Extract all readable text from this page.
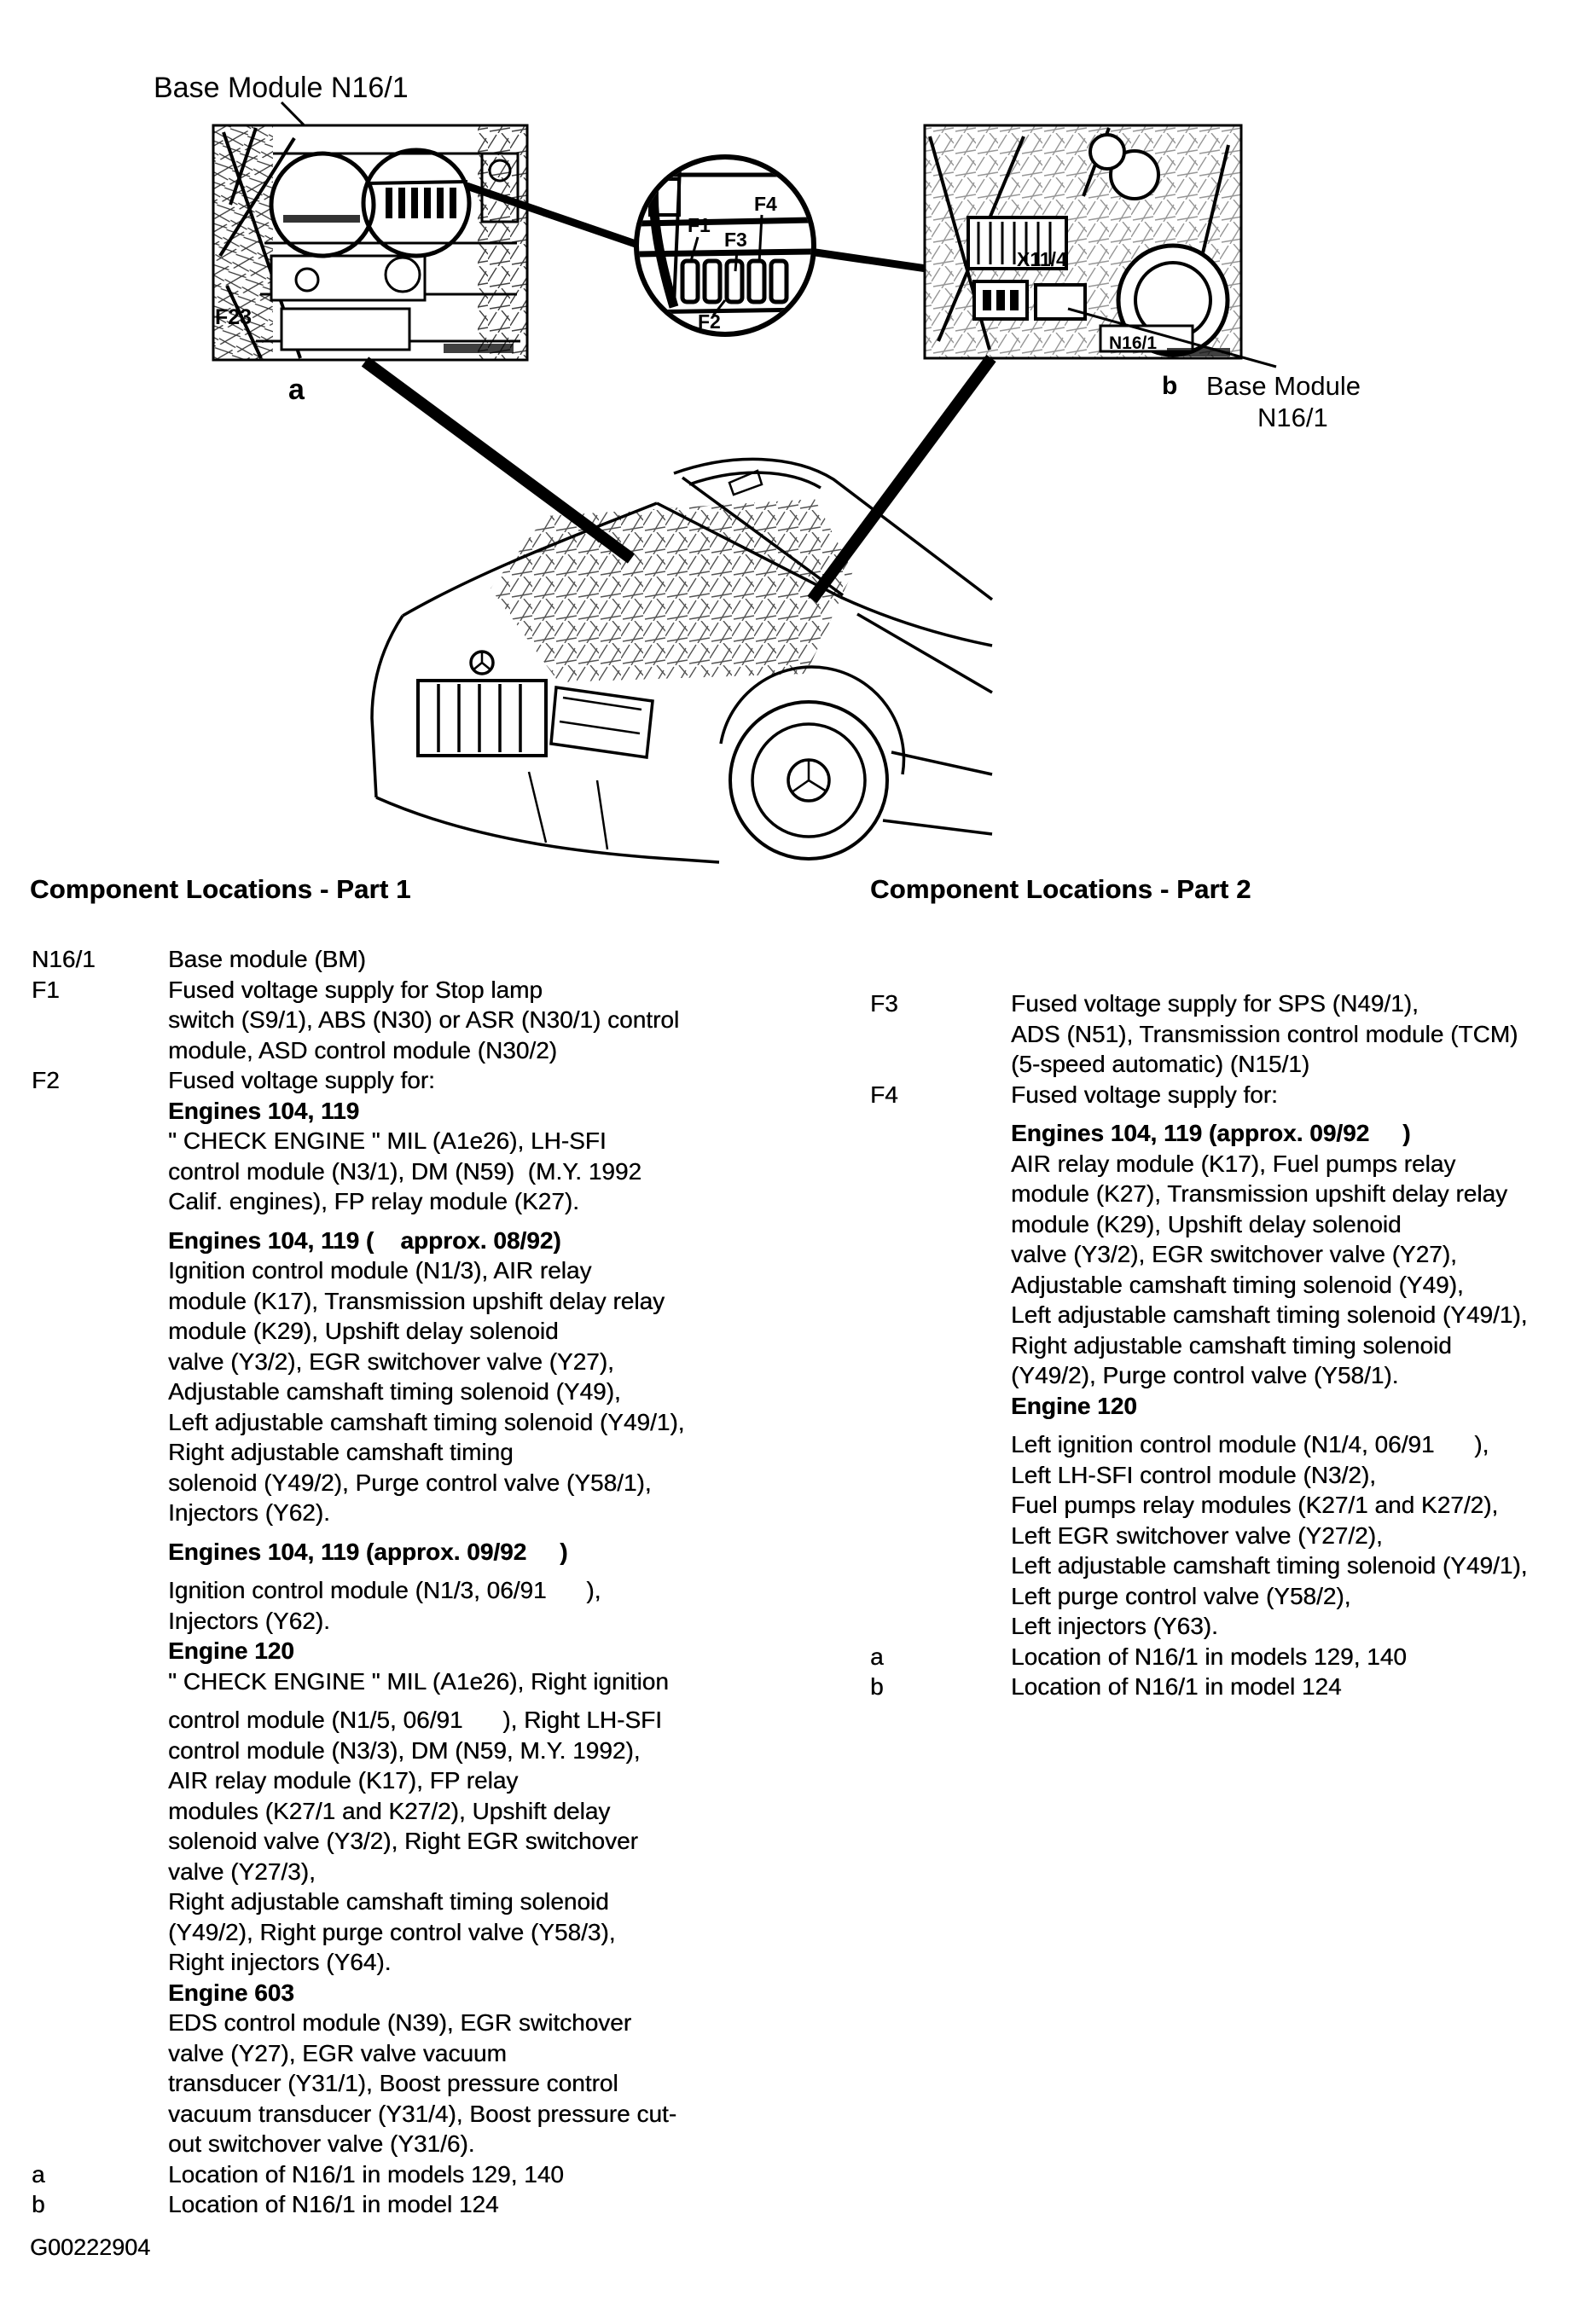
Base Module N16/1
a	b Base Module
N16/1
F23
X11/4
N16/1
F1
F3
F4
F2
Component Locations - Part 1	Component Locations - Part 2
N16/1	Base module (BM)
F1	Fused voltage supply for Stop lamp
switch (S9/1), ABS (N30) or ASR (N30/1) control
module, ASD control module (N30/2)
F2	Fused voltage supply for:
Engines 104, 119
" CHECK ENGINE " MIL (A1e26), LH-SFI
control module (N3/1), DM (N59)  (M.Y. 1992
Calif. engines), FP relay module (K27).
Engines 104, 119 (    approx. 08/92)
Ignition control module (N1/3), AIR relay
module (K17), Transmission upshift delay relay
module (K29), Upshift delay solenoid
valve (Y3/2), EGR switchover valve (Y27),
Adjustable camshaft timing solenoid (Y49),
Left adjustable camshaft timing solenoid (Y49/1),
Right adjustable camshaft timing
solenoid (Y49/2), Purge control valve (Y58/1),
Injectors (Y62).
Engines 104, 119 (approx. 09/92     )
Ignition control module (N1/3, 06/91      ),
Injectors (Y62).
Engine 120
" CHECK ENGINE " MIL (A1e26), Right ignition
control module (N1/5, 06/91      ), Right LH-SFI
control module (N3/3), DM (N59, M.Y. 1992),
AIR relay module (K17), FP relay
modules (K27/1 and K27/2), Upshift delay
solenoid valve (Y3/2), Right EGR switchover
valve (Y27/3),
Right adjustable camshaft timing solenoid
(Y49/2), Right purge control valve (Y58/3),
Right injectors (Y64).
Engine 603
EDS control module (N39), EGR switchover
valve (Y27), EGR valve vacuum
transducer (Y31/1), Boost pressure control
vacuum transducer (Y31/4), Boost pressure cut-
out switchover valve (Y31/6).
a	Location of N16/1 in models 129, 140
b	Location of N16/1 in model 124
F3	Fused voltage supply for SPS (N49/1),
ADS (N51), Transmission control module (TCM)
(5-speed automatic) (N15/1)
F4	Fused voltage supply for:
Engines 104, 119 (approx. 09/92     )
AIR relay module (K17), Fuel pumps relay
module (K27), Transmission upshift delay relay
module (K29), Upshift delay solenoid
valve (Y3/2), EGR switchover valve (Y27),
Adjustable camshaft timing solenoid (Y49),
Left adjustable camshaft timing solenoid (Y49/1),
Right adjustable camshaft timing solenoid
(Y49/2), Purge control valve (Y58/1).
Engine 120
Left ignition control module (N1/4, 06/91      ),
Left LH-SFI control module (N3/2),
Fuel pumps relay modules (K27/1 and K27/2),
Left EGR switchover valve (Y27/2),
Left adjustable camshaft timing solenoid (Y49/1),
Left purge control valve (Y58/2),
Left injectors (Y63).
a	Location of N16/1 in models 129, 140
b	Location of N16/1 in model 124
G00222904
